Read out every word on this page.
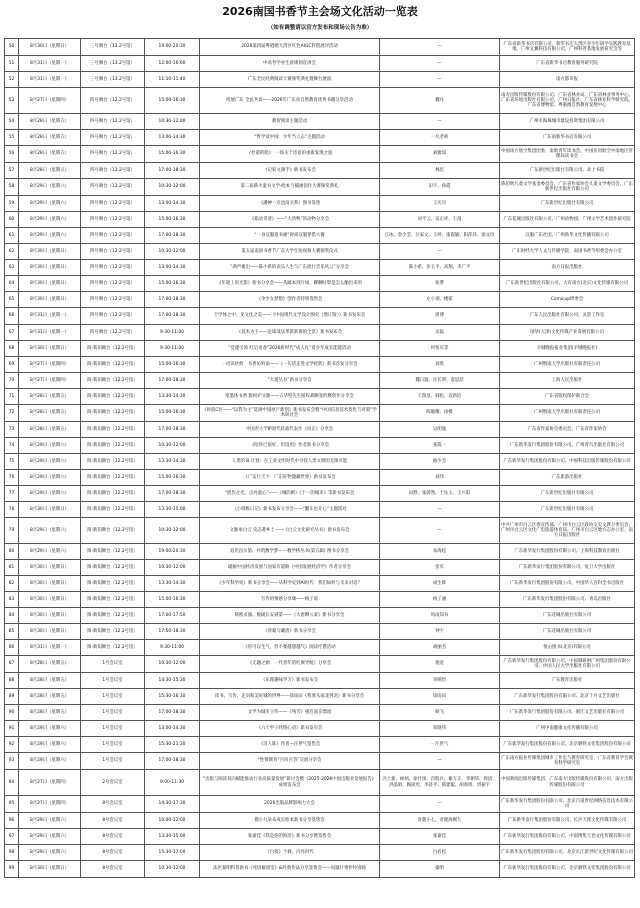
2026南国书香节主会场文化活动一览表
（如有调整请以官方发布和现场公告为准）
50	8月30日（星期日）	三号舞台（13.2号馆）	19:00-20:30	2026第四届粤港澳大湾区红色AIGC科创展评活动	—	广东省新华书店有限公司、新华书店大湾区青少年研学实践教育基地、广州文翼科技有限公司、广州科普基地发展研究会等
51	8月31日（星期一）	三号舞台（13.2号馆）	12:00-16:00	中高考学业生涯规划宣讲会	—	广东省新华书店教育服务研究院
52	8月31日（星期一）	三号舞台（13.2号馆）	11:10-11:40	广东全民经典阅读大赛颁奖典礼暨舞台展演	—	南方都市报
53	8月27日（星期四）	四号舞台（12.2号馆）	15:00-16:30	续展广东 全民共读——2026年广东省自然教育优秀书籍分享活动	魏丹	南方出版传媒股份有限公司、广东省林业局、广东省林业事务中心、广东省环境出版社有限公司、广州日报社、广东省林业科学研究院、广东省博物馆、粤港澳自然教育发展中心
54	8月28日（星期五）	四号舞台（12.2号馆）	10:30-12:00	教智阅读主题活动	—	广州市海珠城市建设投资集团有限公司
55	8月28日（星期五）	四号舞台（12.2号馆）	13:00-14:30	“哲学读中国：少年当立志”主题活动	一凡老师	广东南新华书店有限公司
56	8月28日（星期五）	四号舞台（12.2号馆）	15:00-16:30	《杜甫的船》：一场关于诗意的重新发现之旅	刘雅琼	中国南方航空集团团委、南航青年读书会、中国民用航空中南地区管理局读书会
57	8月28日（星期五）	四号舞台（12.2号馆）	17:00-18:30	《记叙文薄手》新书发布会	林迅	广东新世纪出版社有限公司、求上书院
58	8月29日（星期六）	四号舞台（12.2号馆）	10:30-12:00	第二届薪火童书文学·绘本与插画创作大赛颁奖典礼	田宇、孙霞	陈伯吹儿童文学基金委员会、广东省作家协会儿童文学委员会、广东新世纪出版社有限公司
59	8月29日（星期六）	四号舞台（12.2号馆）	13:00-14:30	《潘神一点也没买系》图书签售	王历历	广东新世纪出版社有限公司
60	8月29日（星期六）	四号舞台（12.2号馆）	15:00-16:30	《箱动奇迹》——“大湾鸭”的动物分享会	刘平云、吴正祥、王漫	广东花城出版社有限公司、广州动物园、广州文学艺术创作研究院
61	8月29日（星期六）	四号舞台（12.2号馆）	17:00-18:30	“一身汉服追书画”时尚汉服穿搭大赛	江冰、余少莹、汪家文、王婷、康霞敏、阳萍萍、徐文玲	汉服广东社团、广州新华文化传播有限公司
62	8月30日（星期日）	四号舞台（12.2号馆）	10:30-12:00	第五届南国书香节广东大学生短视频大赛颁奖仪式	—	广东财经大学人文与传播学院、南国书香节组委会办公室
63	8月30日（星期日）	四号舞台（12.2号馆）	13:00-14:30	“满声谢出——陈小希的表乐人生与广东流行音乐风云”分享会	陈小希、彭玉平、高翔、李广平	南方日报出版社
64	8月30日（星期日）	四号舞台（12.2号馆）	15:00-16:30	《年轮上的光影》新书分享会——从邮本到片场，聊聊时影是怎么酿出来的	张謇	广东新世纪出版社有限公司、大有南方(北京)文化传媒有限公司
65	8月30日（星期日）	四号舞台（12.2号馆）	17:00-18:30	《伞少女梦想》创作者特别签售会	左小翎、楼霍	Comicup组委会
66	8月31日（星期一）	四号舞台（12.2号馆）	17:00-18:30	于学体之中，见文化之美——《中国现代文学设计图史（增订版）》新书发布会	周博	广东人民出版社有限公司、灵韵工作室
67	8月31日（星期一）	四号舞台（12.2号馆）	9:30-11:00	《技术为王——足球战法革新新赛的全景》新书发布会	吴磊	国华(天津)文化传媒产业发展有限公司
68	8月30日（星期日）	阅·新知舞台（12.2号馆）	9:30-11:00	“党建引领 红启青春”2026新时代“成人礼”青少年成长能能活动	何恒庆等	羊城晚报报业集团(羊城晚报社)
69	8月27日（星期四）	阅·新知舞台（12.2号馆）	15:00-16:30	一语识经典　书香沁岭南——《一句话走进文学经典》新书首发分享会	刘勇	广州暨南大学出版社有限责任公司
70	8月27日（星期四）	阅·新知舞台（12.2号馆）	17:00-18:30	“大道丛书”新书分享会	魏日题、汪长明、袁思喆	上海人民出版社
71	8月28日（星期五）	阅·新知舞台（12.2号馆）	13:30-14:30	笔墨体书香 版权护文脉——五华壁先生版权战略签约暨创作分享会	王瑞显、韩松、袁新培	广东省版权保护联合会
72	8月28日（星期五）	阅·新知舞台（12.2号馆）	15:00-16:30	《时波C位——“以我为主”选择中国原产新创》新书发布会暨“中国信息技术变化与对策”学术研讨会	陈敏耀、徐樑	广州暨南大学出版社有限责任公司
73	8月28日（星期五）	阅·新知舞台（12.2号馆）	17:00-18:30	中国责大学IP原代转战代表作《再正》分享会	吴朗逸	广东省作家协会委员会、广东省作家协会
74	8月29日（星期六）	阅·新知舞台（12.2号馆）	10:30-12:00	《哈你已很好，但没用》作者新书分享会	张霞一	广东新华发行集团股份有限公司、广州青鸟出版社有限公司
75	8月29日（星期六）	阅·新知舞台（12.2号馆）	13:30-14:30	人类的 B 计划：在工业文明时代中寻找人类文明的无限可能	曲少杰	广东新华发行集团股份有限公司、中国科技出版传媒股份有限公司
76	8月29日（星期六）	阅·新知舞台（12.2号馆）	15:00-16:30	《广安行天下：广东好物题藏世界》新书发布会	刘伟	广东旅游出版社
77	8月29日（星期六）	阅·新知舞台（12.2号馆）	17:00-18:30	“创作之光，点亮童心”——《城的鸥》《十一的城市》等新书发布会	田野、张蔚然、于沁玉、王兴阳	广东新世纪出版社有限公司
78	8月30日（星期日）	阅·新知舞台（12.2号馆）	13:30-15:00	《小班级日记》新书发布分享会——“翻车也开心”主题派对	—	广东新世纪出版社有限公司
79	8月29日（星期六）	阅·新知舞台（12.2号馆）	10:30-12:00	文脉承白云 史志著乡土——《白云文化研究丛书》新书发布会	—	中共广州市白云区委宣传部、广州市白云区政协文史文教卫委员会、广州市白云区文化广电旅游体育局、广州市白云区地方志办公室、南方日报出版社
80	8月29日（星期六）	阅·新知舞台（12.2号馆）	19:00-20:30	追光昌尔旅、共筑数学梦——数学桥丛书(第五辑) 图书分享会	朱海松	广东新华发行集团股份有限公司、上海科技教育出版社
81	8月30日（星期日）	阅·新知舞台（12.2号馆）	10:30-12:00	破解中国经济发展与国家有道路《中国发展经济学》作者分享会	张军	广东新华发行集团股份有限公司、复旦大学出版社
82	8月30日（星期日）	阅·新知舞台（12.2号馆）	13:30-14:30	《少年科学说》新书分享会——从科学史到AI时代：我们如何与未来对话？	成生辉	广东新华发行集团股份有限公司、中国华人百科全书出版社
83	8月30日（星期日）	阅·新知舞台（12.2号馆）	15:00-16:30	写作的情感分享课——梅子说	梅子涵	广东新华发行集团股份有限公司、青岛出版社
84	8月30日（星期日）	阅·新知舞台（12.2号馆）	17:00-17:50	韩熙贞演、数破长安谜第——《大唐聊公案》新书分享会	风雨知书	广东花城出版社有限公司
85	8月30日（星期日）	阅·新知舞台（12.2号馆）	17:50-18:30	《荷蒙与藏唐》新书分享会	钟宇	广东花城出版社有限公司
86	8月31日（星期一）	阅·新知舞台（12.2号馆）	9:30-11:00	《你可以生气，但不要越想越气》阅读疗愈活动	胡丽杰	悦心图书(北京)有限公司
87	8月28日（星期五）	1号会议室	10:30-12:00	《无题之源：一代青年的红旗导航》分享会	施宽	广东新华发行集团股份有限公司、中国制研困广州集团股份有限公司、中国人民大学出版社有限公司
88	8月28日（星期五）	1号会议室	14:30-15:30	《乐理趣味学习》新书发布会	李鹄怡	广东教育出版社
89	8月28日（星期五）	1号会议室	15:30-16:30	读书、写作、走向和美好城的世界——徐雨田《我要从南北到北》新书分享会	徐雨田	广东新华发行集团股份有限公司、北京十月文艺出版社
90	8月28日（星期五）	1号会议室	17:00-18:30	文学为城市立传——《残雪》重启南京漂流	顾飞	广东新华发行集团股份有限公司、浙江文艺出版社有限公司
91	8月29日（星期六）	1号会议室	13:00-14:30	《六十甲子经络心语》新书发布会	邓晓伟	广州中南健康文化传播有限公司
92	8月29日（星期六）	1号会议室	15:30-21:30	《诗人陈》作者—汪世气签售会	一汪世气	广东新华发行集团股份有限公司、北京磨铁文化集团股份有限公司
93	8月29日（星期六）	1号会议室	17:00-18:30	“性情教育”百问百答”交流分享会	—	广东南方报业传媒集团城市工作室与教育研究室、广东省教育学会教育科学研究室
94	8月27日（星期四）	2号会议室	9:00-11:30	“出版与阅读双向赋能推动行业高质量发展”研讨会暨《2025-2026中国出版业发展报告》成果发布会	冯士新、候炳、徐竹国、肖殷兵、谢万正、李朝华、周清、洪晶娟、陶尚宪、李济平、韩建聪、胡春鸿、周振宇	中国新闻出版传媒集团、广东南方出版传媒股份有限公司、南方出版传媒股份有限公司
95	8月27日（星期四）	8号会议室	14:30-17:30	2026出版品牌影响力大会	—	广东新华发行集团股份有限公司、北京百道世纪网络信息技术有限公司
96	8月29日（星期六）	8号会议室	10:00-12:00	猫小九朵朵成长绘本新书分享签售会	奇葩小七、奇葩海桐九	广东新华发行集团股份有限公司、长沙天使文化传媒有限公司
97	8月29日（星期六）	8号会议室	13:30-15:00	张嘉佳《我是你的海洋》新书分享暨签售会	张嘉佳	广东新华发行集团股份有限公司、中南博集天卷文化传媒有限公司
98	8月29日（星期六）	8号会议室	15:30-17:00	《白叔》十载、闪亮时代	白岩松	广东新华发行集团股份有限公司、北京长江新世纪文化传媒有限公司
99	8月30日（星期日）	8号会议室	10:30-12:00	法医秦明科普新书《死因解剖室》&经典作品分享签售会——问题什事件特别场	秦明	广东新华发行集团股份有限公司、北京磨铁文化集团股份有限公司
